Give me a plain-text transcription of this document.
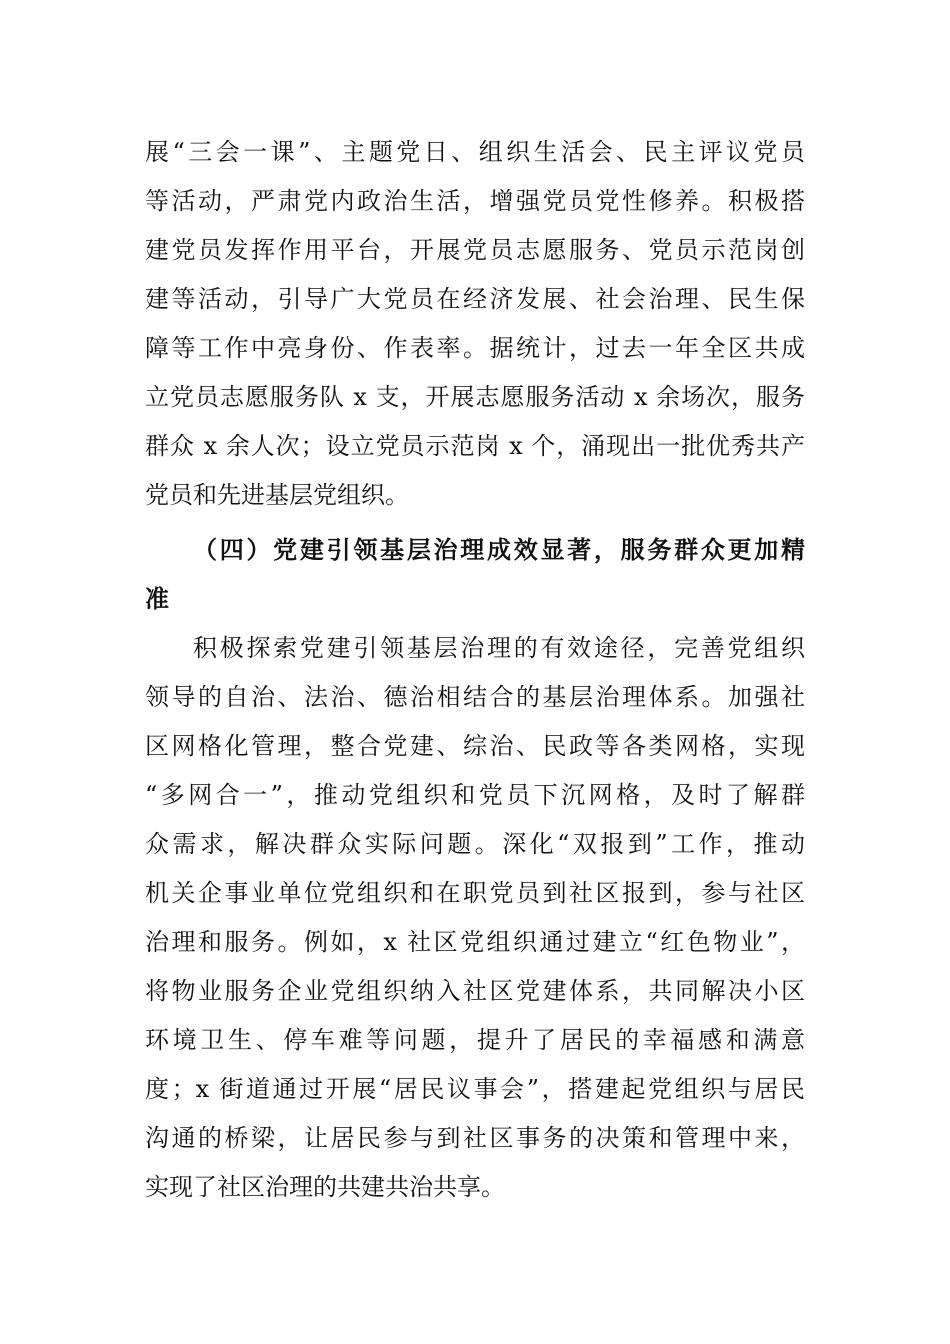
展“三会一课”、主题党日、组织生活会、民主评议党员
等活动，严肃党内政治生活，增强党员党性修养。积极搭
建党员发挥作用平台，开展党员志愿服务、党员示范岗创
建等活动，引导广大党员在经济发展、社会治理、民生保
障等工作中亮身份、作表率。据统计，过去一年全区共成
立党员志愿服务队 x 支，开展志愿服务活动 x 余场次，服务
群众 x 余人次；设立党员示范岗 x 个，涌现出一批优秀共产
党员和先进基层党组织。
（四）党建引领基层治理成效显著，服务群众更加精
准
积极探索党建引领基层治理的有效途径，完善党组织
领导的自治、法治、德治相结合的基层治理体系。加强社
区网格化管理，整合党建、综治、民政等各类网格，实现
“多网合一”，推动党组织和党员下沉网格，及时了解群
众需求，解决群众实际问题。深化“双报到”工作，推动
机关企事业单位党组织和在职党员到社区报到，参与社区
治理和服务。例如，x 社区党组织通过建立“红色物业”，
将物业服务企业党组织纳入社区党建体系，共同解决小区
环境卫生、停车难等问题，提升了居民的幸福感和满意
度；x 街道通过开展“居民议事会”，搭建起党组织与居民
沟通的桥梁，让居民参与到社区事务的决策和管理中来，
实现了社区治理的共建共治共享。
